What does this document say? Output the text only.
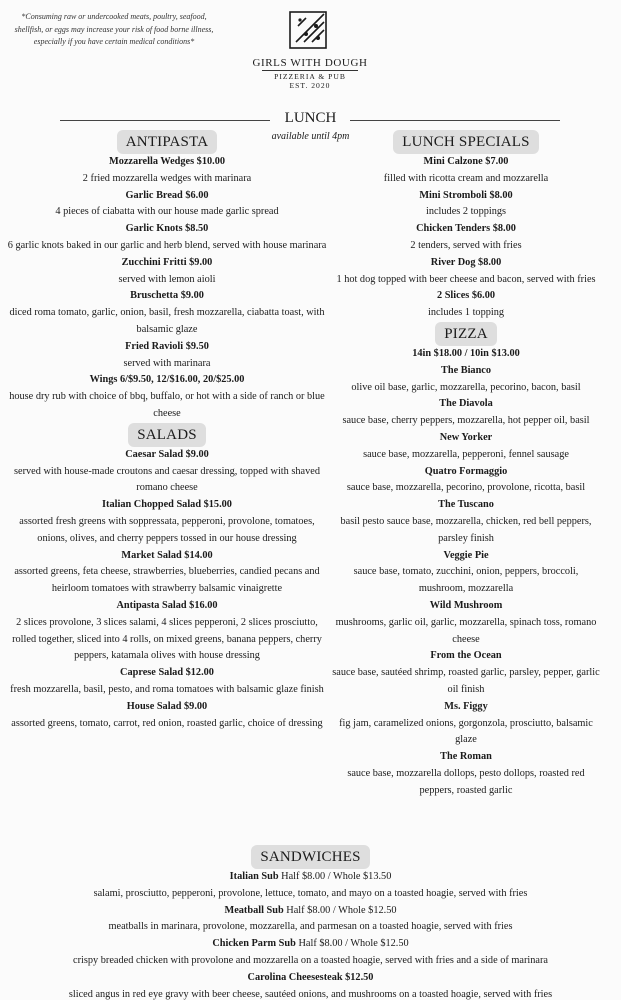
*Consuming raw or undercooked meats, poultry, seafood, shellfish, or eggs may increase your risk of food borne illness, especially if you have certain medical conditions*
GIRLS WITH DOUGH
PIZZERIA & PUB
EST. 2020
LUNCH
available until 4pm
ANTIPASTA
Mozzarella Wedges $10.00
2 fried mozzarella wedges with marinara
Garlic Bread $6.00
4 pieces of ciabatta with our house made garlic spread
Garlic Knots $8.50
6 garlic knots baked in our garlic and herb blend, served with house marinara
Zucchini Fritti $9.00
served with lemon aioli
Bruschetta $9.00
diced roma tomato, garlic, onion, basil, fresh mozzarella, ciabatta toast, with balsamic glaze
Fried Ravioli $9.50
served with marinara
Wings 6/$9.50, 12/$16.00, 20/$25.00
house dry rub with choice of bbq, buffalo, or hot with a side of ranch or blue cheese
SALADS
Caesar Salad $9.00
served with house-made croutons and caesar dressing, topped with shaved romano cheese
Italian Chopped Salad $15.00
assorted fresh greens with soppressata, pepperoni, provolone, tomatoes, onions, olives, and cherry peppers tossed in our house dressing
Market Salad $14.00
assorted greens, feta cheese, strawberries, blueberries, candied pecans and heirloom tomatoes with strawberry balsamic vinaigrette
Antipasta Salad $16.00
2 slices provolone, 3 slices salami, 4 slices pepperoni, 2 slices prosciutto, rolled together, sliced into 4 rolls, on mixed greens, banana peppers, cherry peppers, katamala olives with house dressing
Caprese Salad $12.00
fresh mozzarella, basil, pesto, and roma tomatoes with balsamic glaze finish
House Salad $9.00
assorted greens, tomato, carrot, red onion, roasted garlic, choice of dressing
LUNCH SPECIALS
Mini Calzone $7.00
filled with ricotta cream and mozzarella
Mini Stromboli $8.00
includes 2 toppings
Chicken Tenders $8.00
2 tenders, served with fries
River Dog $8.00
1 hot dog topped with beer cheese and bacon, served with fries
2 Slices $6.00
includes 1 topping
PIZZA
14in $18.00 / 10in $13.00
The Bianco
olive oil base, garlic, mozzarella, pecorino, bacon, basil
The Diavola
sauce base, cherry peppers, mozzarella, hot pepper oil, basil
New Yorker
sauce base, mozzarella, pepperoni, fennel sausage
Quatro Formaggio
sauce base, mozzarella, pecorino, provolone, ricotta, basil
The Tuscano
basil pesto sauce base, mozzarella, chicken, red bell peppers, parsley finish
Veggie Pie
sauce base, tomato, zucchini, onion, peppers, broccoli, mushroom, mozzarella
Wild Mushroom
mushrooms, garlic oil, garlic, mozzarella, spinach toss, romano cheese
From the Ocean
sauce base, sautéed shrimp, roasted garlic, parsley, pepper, garlic oil finish
Ms. Figgy
fig jam, caramelized onions, gorgonzola, prosciutto, balsamic glaze
The Roman
sauce base, mozzarella dollops, pesto dollops, roasted red peppers, roasted garlic
SANDWICHES
Italian Sub Half $8.00 / Whole $13.50
salami, prosciutto, pepperoni, provolone, lettuce, tomato, and mayo on a toasted hoagie, served with fries
Meatball Sub Half $8.00 / Whole $12.50
meatballs in marinara, provolone, mozzarella, and parmesan on a toasted hoagie, served with fries
Chicken Parm Sub Half $8.00 / Whole $12.50
crispy breaded chicken with provolone and mozzarella on a toasted hoagie, served with fries and a side of marinara
Carolina Cheesesteak $12.50
sliced angus in red eye gravy with beer cheese, sautéed onions, and mushrooms on a toasted hoagie, served with fries
